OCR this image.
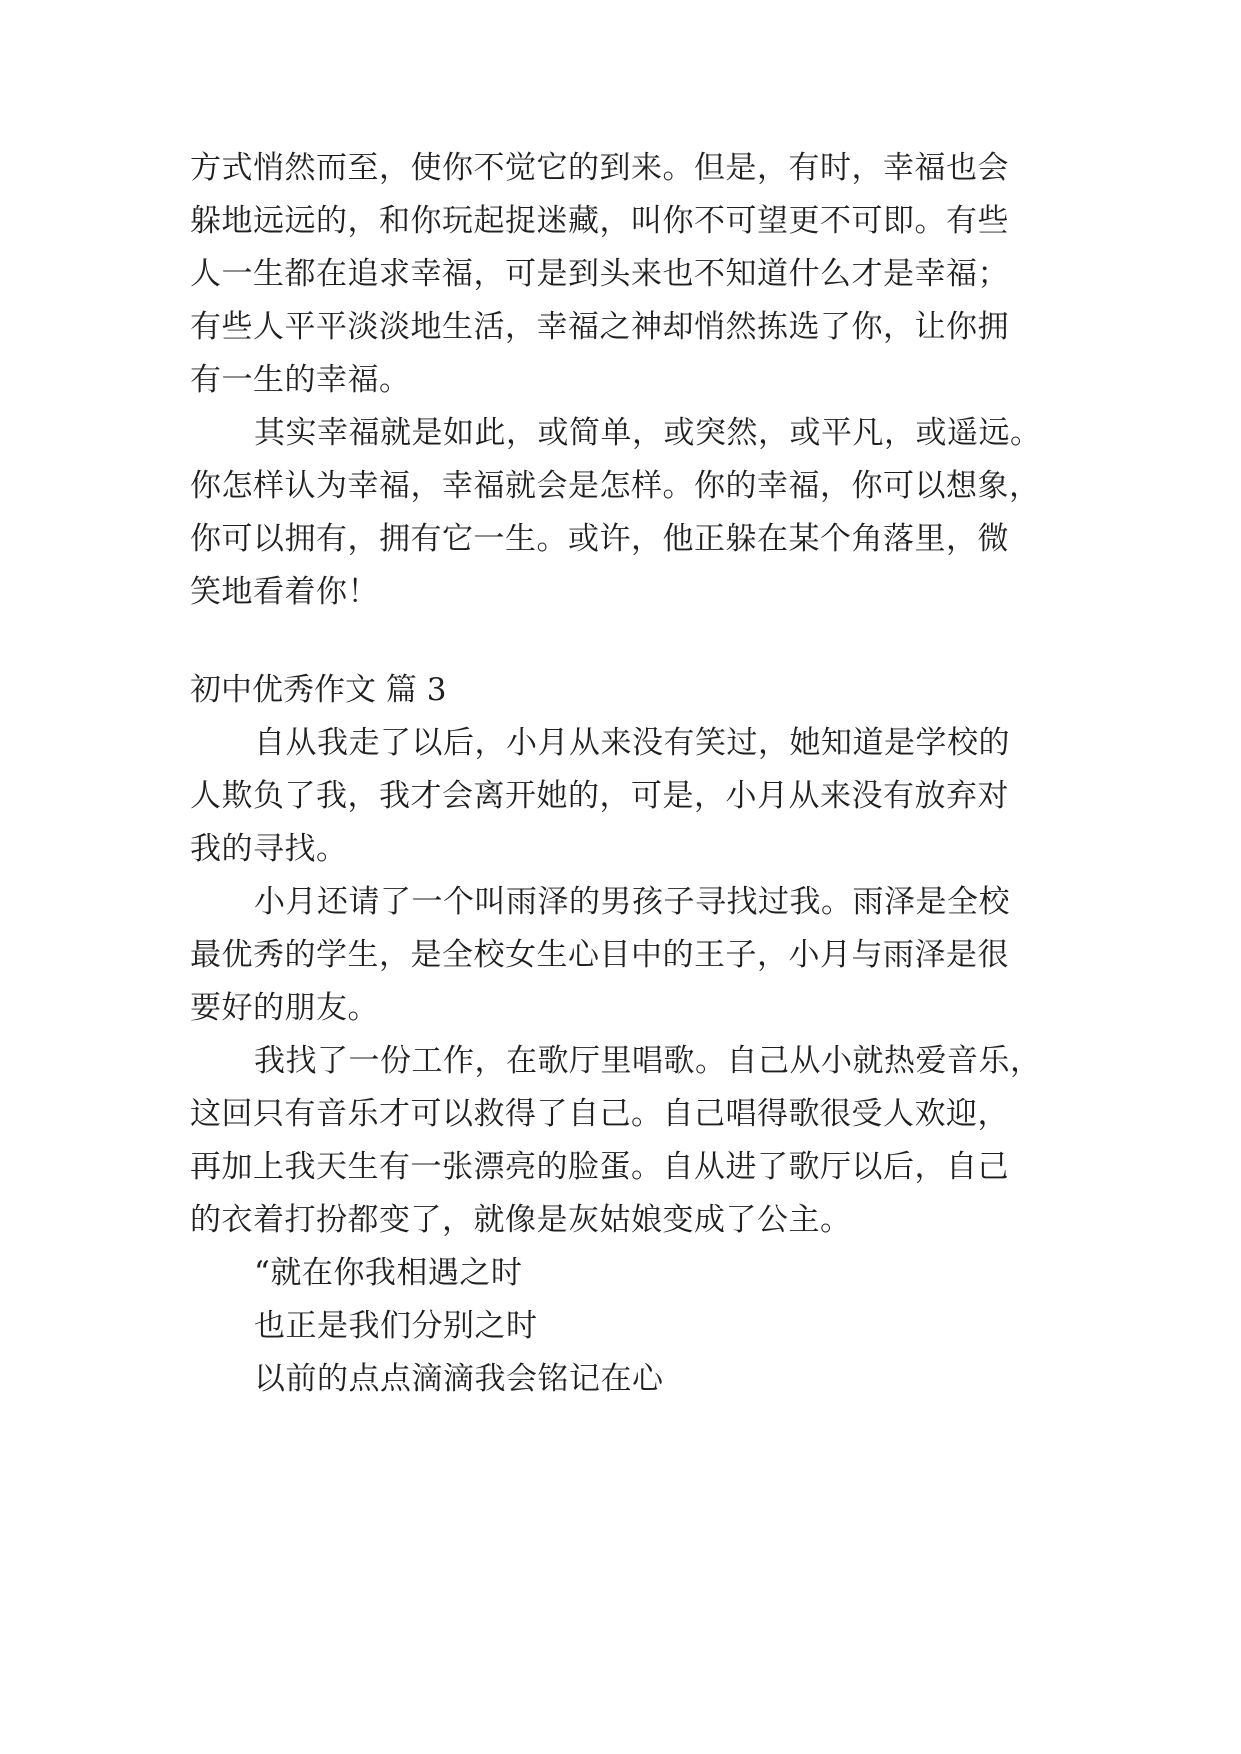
方式悄然而至，使你不觉它的到来。但是，有时，幸福也会
躲地远远的，和你玩起捉迷藏，叫你不可望更不可即。有些
人一生都在追求幸福，可是到头来也不知道什么才是幸福；
有些人平平淡淡地生活，幸福之神却悄然拣选了你，让你拥
有一生的幸福。
其实幸福就是如此，或简单，或突然，或平凡，或遥远。
你怎样认为幸福，幸福就会是怎样。你的幸福，你可以想象，
你可以拥有，拥有它一生。或许，他正躲在某个角落里，微
笑地看着你！
初中优秀作文 篇 3
自从我走了以后，小月从来没有笑过，她知道是学校的
人欺负了我，我才会离开她的，可是，小月从来没有放弃对
我的寻找。
小月还请了一个叫雨泽的男孩子寻找过我。雨泽是全校
最优秀的学生，是全校女生心目中的王子，小月与雨泽是很
要好的朋友。
我找了一份工作，在歌厅里唱歌。自己从小就热爱音乐，
这回只有音乐才可以救得了自己。自己唱得歌很受人欢迎，
再加上我天生有一张漂亮的脸蛋。自从进了歌厅以后，自己
的衣着打扮都变了，就像是灰姑娘变成了公主。
“就在你我相遇之时
也正是我们分别之时
以前的点点滴滴我会铭记在心
